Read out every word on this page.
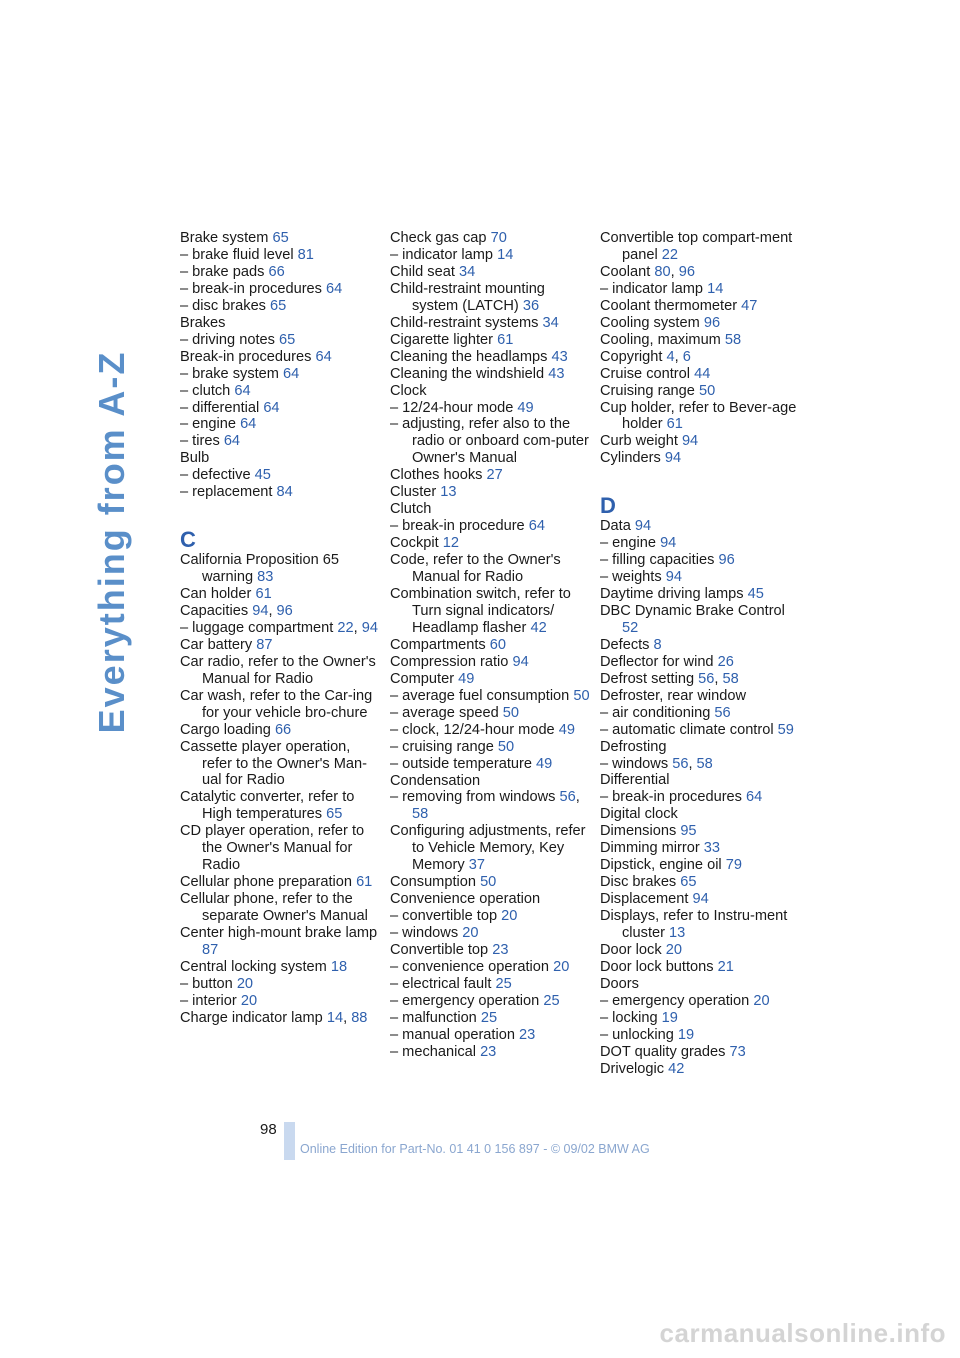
Everything from A-Z
Brake system 65
– brake fluid level 81
– brake pads 66
– break-in procedures 64
– disc brakes 65
Brakes
– driving notes 65
Break-in procedures 64
– brake system 64
– clutch 64
– differential 64
– engine 64
– tires 64
Bulb
– defective 45
– replacement 84
C
California Proposition 65 warning 83
Can holder 61
Capacities 94, 96
– luggage compartment 22, 94
Car battery 87
Car radio, refer to the Owner's Manual for Radio
Car wash, refer to the Car-ing for your vehicle bro-chure
Cargo loading 66
Cassette player operation, refer to the Owner's Man-ual for Radio
Catalytic converter, refer to High temperatures 65
CD player operation, refer to the Owner's Manual for Radio
Cellular phone preparation 61
Cellular phone, refer to the separate Owner's Manual
Center high-mount brake lamp 87
Central locking system 18
– button 20
– interior 20
Charge indicator lamp 14, 88
Check gas cap 70
– indicator lamp 14
Child seat 34
Child-restraint mounting system (LATCH) 36
Child-restraint systems 34
Cigarette lighter 61
Cleaning the headlamps 43
Cleaning the windshield 43
Clock
– 12/24-hour mode 49
– adjusting, refer also to the radio or onboard com-puter Owner's Manual
Clothes hooks 27
Cluster 13
Clutch
– break-in procedure 64
Cockpit 12
Code, refer to the Owner's Manual for Radio
Combination switch, refer to Turn signal indicators/ Headlamp flasher 42
Compartments 60
Compression ratio 94
Computer 49
– average fuel consumption 50
– average speed 50
– clock, 12/24-hour mode 49
– cruising range 50
– outside temperature 49
Condensation
– removing from windows 56, 58
Configuring adjustments, refer to Vehicle Memory, Key Memory 37
Consumption 50
Convenience operation
– convertible top 20
– windows 20
Convertible top 23
– convenience operation 20
– electrical fault 25
– emergency operation 25
– malfunction 25
– manual operation 23
– mechanical 23
Convertible top compart-ment panel 22
Coolant 80, 96
– indicator lamp 14
Coolant thermometer 47
Cooling system 96
Cooling, maximum 58
Copyright 4, 6
Cruise control 44
Cruising range 50
Cup holder, refer to Bever-age holder 61
Curb weight 94
Cylinders 94
D
Data 94
– engine 94
– filling capacities 96
– weights 94
Daytime driving lamps 45
DBC Dynamic Brake Control 52
Defects 8
Deflector for wind 26
Defrost setting 56, 58
Defroster, rear window
– air conditioning 56
– automatic climate control 59
Defrosting
– windows 56, 58
Differential
– break-in procedures 64
Digital clock
Dimensions 95
Dimming mirror 33
Dipstick, engine oil 79
Disc brakes 65
Displacement 94
Displays, refer to Instru-ment cluster 13
Door lock 20
Door lock buttons 21
Doors
– emergency operation 20
– locking 19
– unlocking 19
DOT quality grades 73
Drivelogic 42
98
Online Edition for Part-No. 01 41 0 156 897 - © 09/02 BMW AG
carmanualsonline.info
